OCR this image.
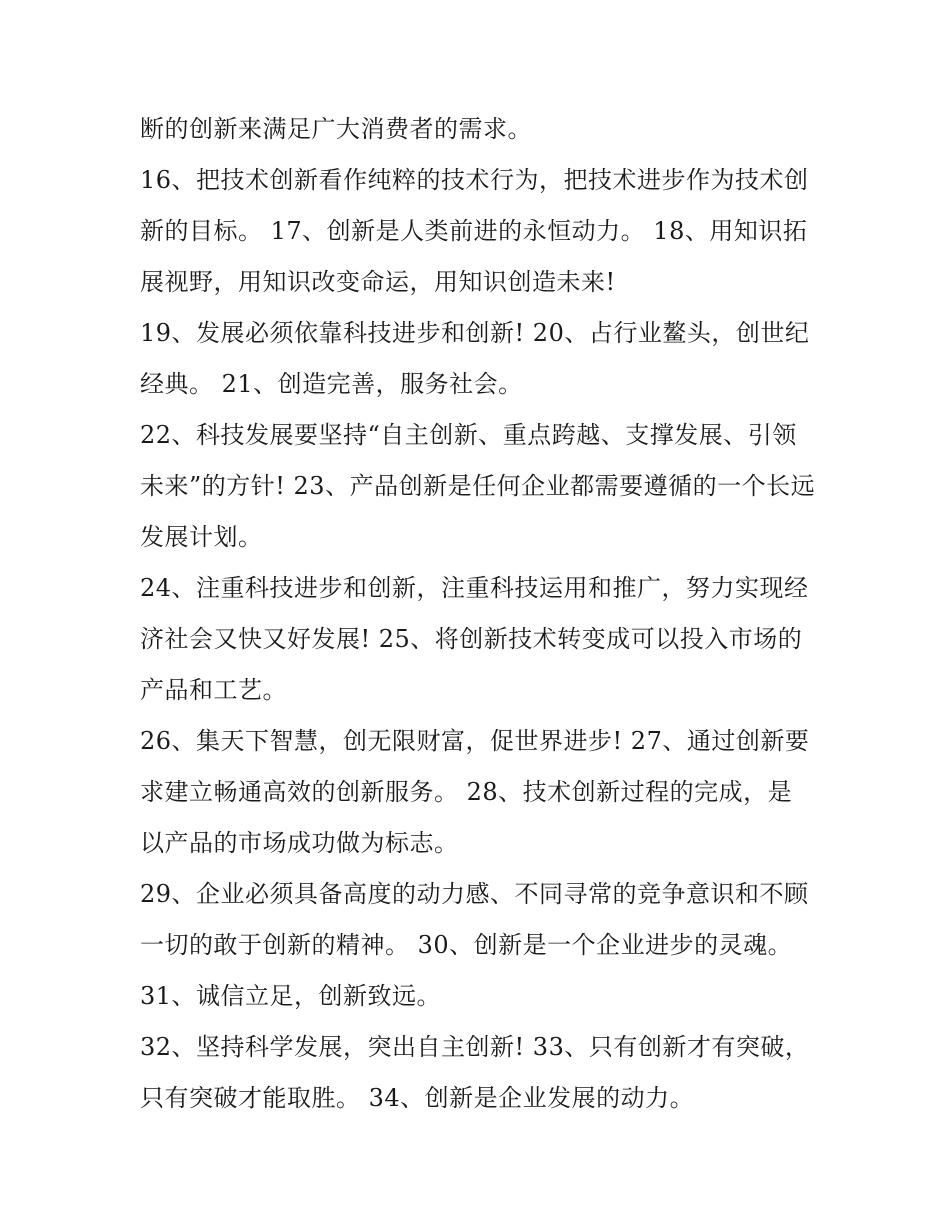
断的创新来满足广大消费者的需求。
16、把技术创新看作纯粹的技术行为，把技术进步作为技术创
新的目标。 17、创新是人类前进的永恒动力。 18、用知识拓
展视野，用知识改变命运，用知识创造未来!
19、发展必须依靠科技进步和创新! 20、占行业鳌头，创世纪
经典。 21、创造完善，服务社会。
22、科技发展要坚持“自主创新、重点跨越、支撑发展、引领
未来”的方针! 23、产品创新是任何企业都需要遵循的一个长远
发展计划。
24、注重科技进步和创新，注重科技运用和推广，努力实现经
济社会又快又好发展! 25、将创新技术转变成可以投入市场的
产品和工艺。
26、集天下智慧，创无限财富，促世界进步! 27、通过创新要
求建立畅通高效的创新服务。 28、技术创新过程的完成，是
以产品的市场成功做为标志。
29、企业必须具备高度的动力感、不同寻常的竞争意识和不顾
一切的敢于创新的精神。 30、创新是一个企业进步的灵魂。
31、诚信立足，创新致远。
32、坚持科学发展，突出自主创新! 33、只有创新才有突破，
只有突破才能取胜。 34、创新是企业发展的动力。
